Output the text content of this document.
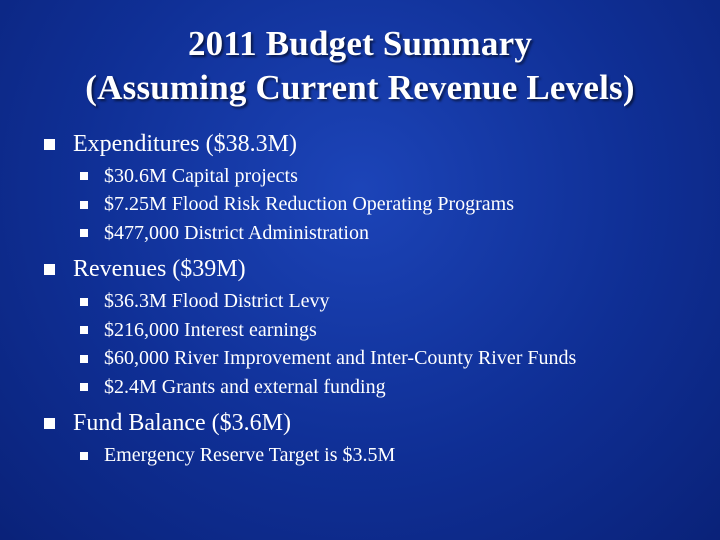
2011 Budget Summary
(Assuming Current Revenue Levels)
Expenditures ($38.3M)
$30.6M Capital projects
$7.25M Flood Risk Reduction Operating Programs
$477,000 District Administration
Revenues ($39M)
$36.3M Flood District Levy
$216,000 Interest earnings
$60,000 River Improvement and Inter-County River Funds
$2.4M Grants and external funding
Fund Balance ($3.6M)
Emergency Reserve Target is $3.5M
